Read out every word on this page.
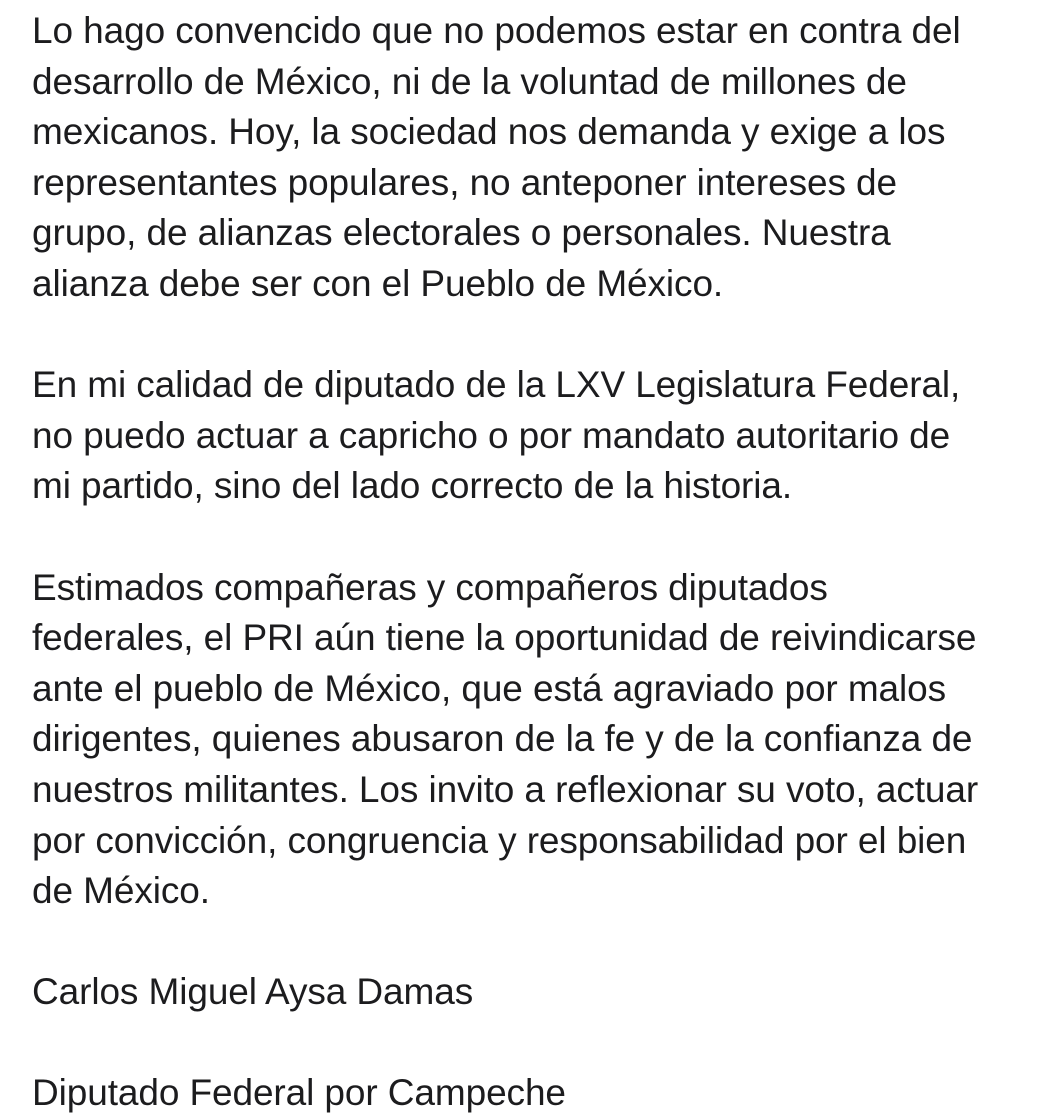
Lo hago convencido que no podemos estar en contra del
desarrollo de México, ni de la voluntad de millones de
mexicanos. Hoy, la sociedad nos demanda y exige a los
representantes populares, no anteponer intereses de
grupo, de alianzas electorales o personales. Nuestra
alianza debe ser con el Pueblo de México.
En mi calidad de diputado de la LXV Legislatura Federal,
no puedo actuar a capricho o por mandato autoritario de
mi partido, sino del lado correcto de la historia.
Estimados compañeras y compañeros diputados
federales, el PRI aún tiene la oportunidad de reivindicarse
ante el pueblo de México, que está agraviado por malos
dirigentes, quienes abusaron de la fe y de la confianza de
nuestros militantes. Los invito a reflexionar su voto, actuar
por convicción, congruencia y responsabilidad por el bien
de México.
Carlos Miguel Aysa Damas
Diputado Federal por Campeche
